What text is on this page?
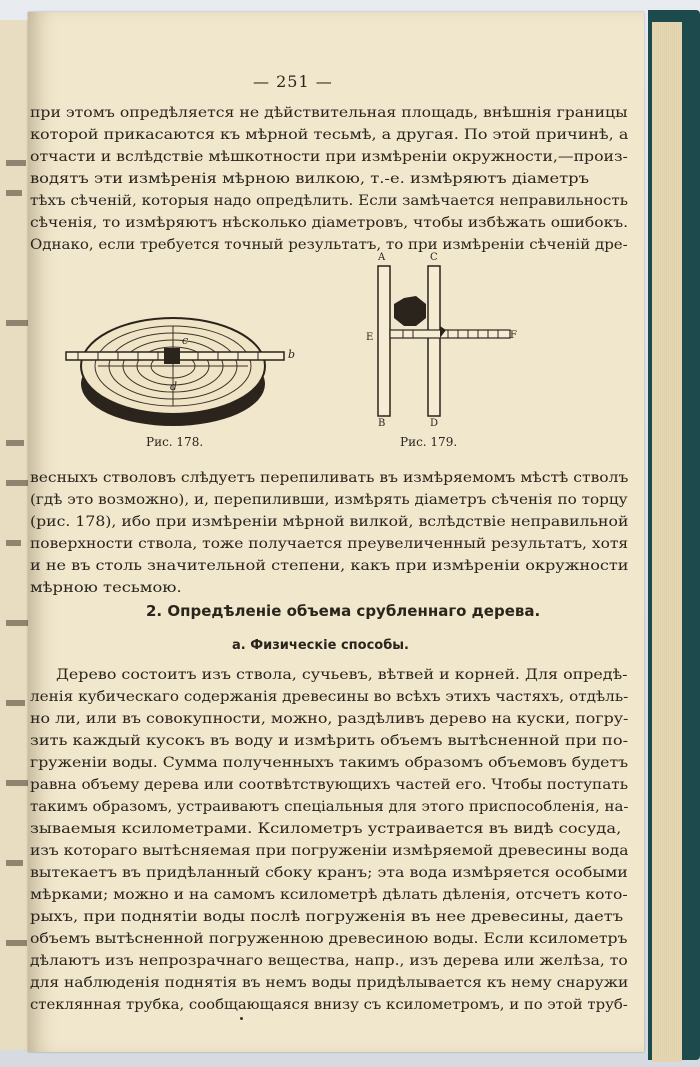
— 251 —
при этомъ опредѣляется не дѣйствительная площадь, внѣшнія границы
которой прикасаются къ мѣрной тесьмѣ, а другая. По этой причинѣ, а
отчасти и вслѣдствіе мѣшкотности при измѣреніи окружности,—произ-
водятъ эти измѣренія мѣрною вилкою, т.-е. измѣряютъ діаметръ
тѣхъ сѣченій, которыя надо опредѣлить. Если замѣчается неправильность
сѣченія, то измѣряютъ нѣсколько діаметровъ, чтобы избѣжать ошибокъ.
Однако, если требуется точный результатъ, то при измѣреніи сѣченій дре-
b
c
d
Рис. 178.
A	C
E	F
B	D
Рис. 179.
весныхъ стволовъ слѣдуетъ перепиливать въ измѣряемомъ мѣстѣ стволъ
(гдѣ это возможно), и, перепиливши, измѣрять діаметръ сѣченія по торцу
(рис. 178), ибо при измѣреніи мѣрной вилкой, вслѣдствіе неправильной
поверхности ствола, тоже получается преувеличенный результатъ, хотя
и не въ столь значительной степени, какъ при измѣреніи окружности
мѣрною тесьмою.
2. Опредѣленіе объема срубленнаго дерева.
а. Физическіе способы.
Дерево состоитъ изъ ствола, сучьевъ, вѣтвей и корней. Для опредѣ-
ленія кубическаго содержанія древесины во всѣхъ этихъ частяхъ, отдѣль-
но ли, или въ совокупности, можно, раздѣливъ дерево на куски, погру-
зить каждый кусокъ въ воду и измѣрить объемъ вытѣсненной при по-
груженіи воды. Сумма полученныхъ такимъ образомъ объемовъ будетъ
равна объему дерева или соотвѣтствующихъ частей его. Чтобы поступать
такимъ образомъ, устраиваютъ спеціальныя для этого приспособленія, на-
зываемыя ксилометрами. Ксилометръ устраивается въ видѣ сосуда,
изъ котораго вытѣсняемая при погруженіи измѣряемой древесины вода
вытекаетъ въ придѣланный сбоку кранъ; эта вода измѣряется особыми
мѣрками; можно и на самомъ ксилометрѣ дѣлать дѣленія, отсчетъ кото-
рыхъ, при поднятіи воды послѣ погруженія въ нее древесины, даетъ
объемъ вытѣсненной погруженною древесиною воды. Если ксилометръ
дѣлаютъ изъ непрозрачнаго вещества, напр., изъ дерева или желѣза, то
для наблюденія поднятія въ немъ воды придѣлывается къ нему снаружи
стеклянная трубка, сообщающаяся внизу съ ксилометромъ, и по этой труб-
